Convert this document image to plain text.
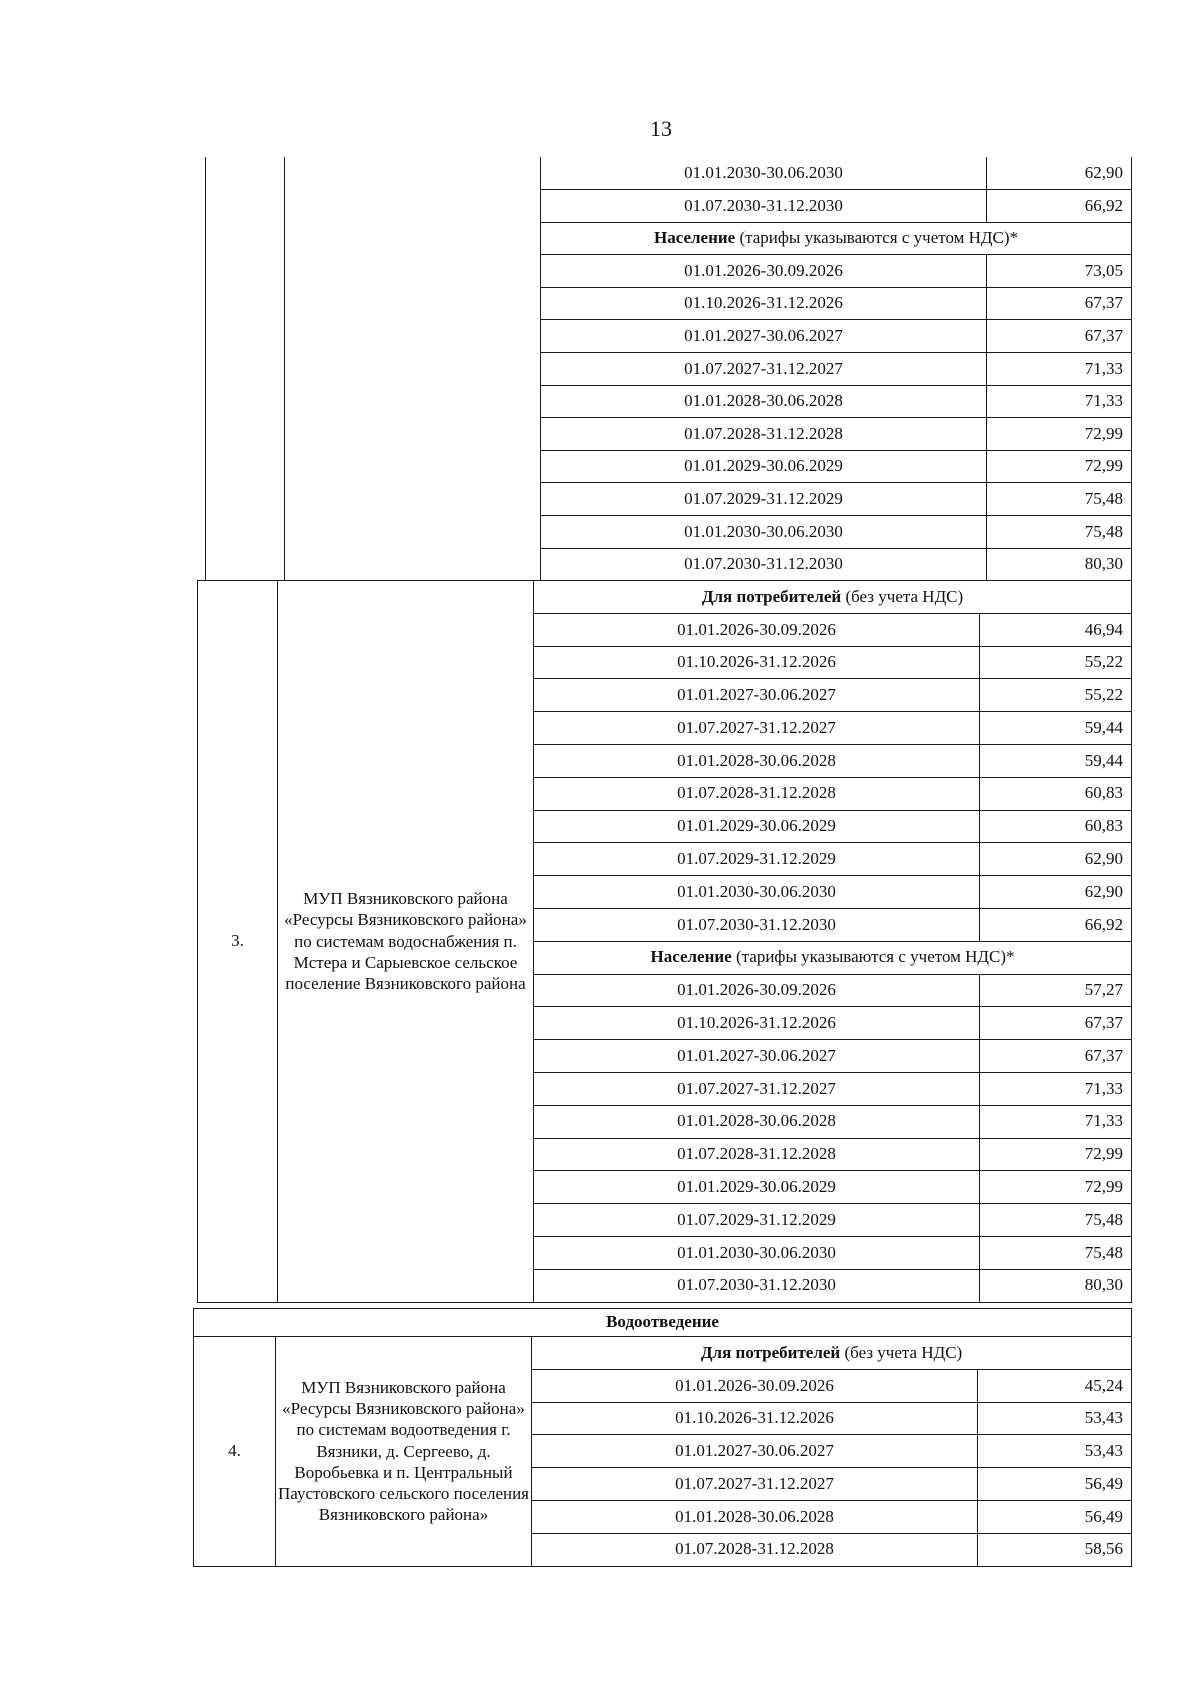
13
		01.01.2030-30.06.2030	62,90
		01.07.2030-31.12.2030	66,92
		Население (тарифы указываются с учетом НДС)*	
		01.01.2026-30.09.2026	73,05
		01.10.2026-31.12.2026	67,37
		01.01.2027-30.06.2027	67,37
		01.07.2027-31.12.2027	71,33
		01.01.2028-30.06.2028	71,33
		01.07.2028-31.12.2028	72,99
		01.01.2029-30.06.2029	72,99
		01.07.2029-31.12.2029	75,48
		01.01.2030-30.06.2030	75,48
		01.07.2030-31.12.2030	80,30
3.	МУП Вязниковского района «Ресурсы Вязниковского района» по системам водоснабжения п. Мстера и Сарыевское сельское поселение Вязниковского района	Для потребителей (без учета НДС)	
		01.01.2026-30.09.2026	46,94
		01.10.2026-31.12.2026	55,22
		01.01.2027-30.06.2027	55,22
		01.07.2027-31.12.2027	59,44
		01.01.2028-30.06.2028	59,44
		01.07.2028-31.12.2028	60,83
		01.01.2029-30.06.2029	60,83
		01.07.2029-31.12.2029	62,90
		01.01.2030-30.06.2030	62,90
		01.07.2030-31.12.2030	66,92
		Население (тарифы указываются с учетом НДС)*	
		01.01.2026-30.09.2026	57,27
		01.10.2026-31.12.2026	67,37
		01.01.2027-30.06.2027	67,37
		01.07.2027-31.12.2027	71,33
		01.01.2028-30.06.2028	71,33
		01.07.2028-31.12.2028	72,99
		01.01.2029-30.06.2029	72,99
		01.07.2029-31.12.2029	75,48
		01.01.2030-30.06.2030	75,48
		01.07.2030-31.12.2030	80,30
Водоотведение			
4.	МУП Вязниковского района «Ресурсы Вязниковского района» по системам водоотведения г. Вязники, д. Сергеево, д. Воробьевка и п. Центральный Паустовского сельского поселения Вязниковского района»	Для потребителей (без учета НДС)	
		01.01.2026-30.09.2026	45,24
		01.10.2026-31.12.2026	53,43
		01.01.2027-30.06.2027	53,43
		01.07.2027-31.12.2027	56,49
		01.01.2028-30.06.2028	56,49
		01.07.2028-31.12.2028	58,56
